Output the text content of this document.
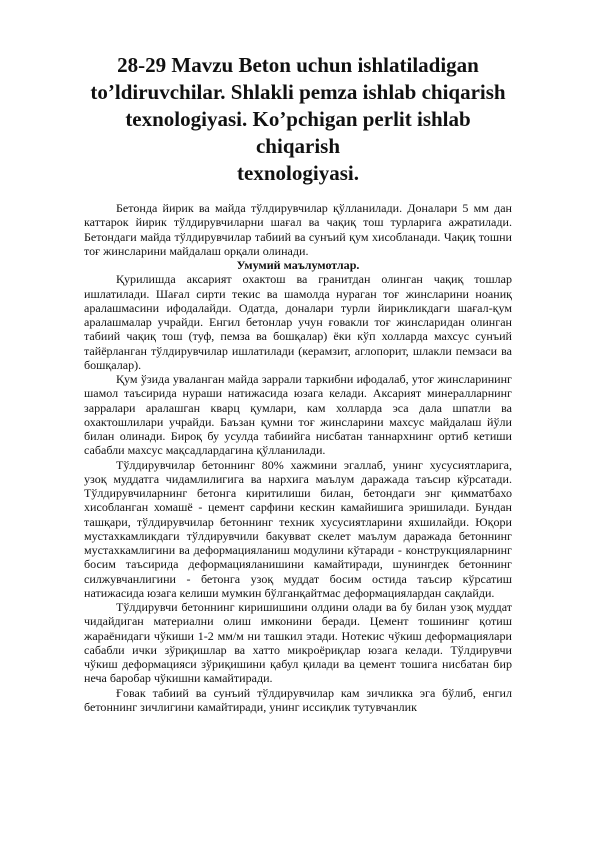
28-29 Mavzu Beton uchun ishlatiladigan
to’ldiruvchilar. Shlakli pemza ishlab chiqarish
texnologiyasi. Ko’pchigan perlit ishlab chiqarish
texnologiyasi.

Бетонда йирик ва майда тўлдирувчилар қўлланилади. Доналари 5 мм дан каттарок йирик тўлдирувчиларни шағал ва чақиқ тош турларига ажратилади. Бетондаги майда тўлдирувчилар табиий ва сунъий қум хисобланади. Чақиқ тошни тоғ жинсларини майдалаш орқали олинади.

Умумий маълумотлар.

Қурилишда аксарият охактош ва гранитдан олинган чақиқ тошлар ишлатилади. Шағал сирти текис ва шамолда нураган тоғ жинсларини ноаниқ аралашмасини ифодалайди. Одатда, доналари турли йирикликдаги шағал-қум аралашмалар учрайди. Енгил бетонлар учун ғовакли тоғ жинсларидан олинган табиий чақиқ тош (туф, пемза ва бошқалар) ёки кўп холларда махсус сунъий тайёрланган тўлдирувчилар ишлатилади (керамзит, аглопорит, шлакли пемзаси ва бошқалар).

Қум ўзида уваланган майда заррали таркибни ифодалаб, утоғ жинсларининг шамол таъсирида нураши натижасида юзага келади. Аксарият минералларнинг зарралари аралашган кварц қумлари, кам холларда эса дала шпатли ва охактошлилари учрайди. Баъзан қумни тоғ жинсларини махсус майдалаш йўли билан олинади. Бироқ бу усулда табиийга нисбатан таннархнинг ортиб кетиши сабабли махсус мақсадлардагина қўлланилади.

Тўлдирувчилар бетоннинг 80% хажмини эгаллаб, унинг хусусиятларига, узоқ муддатга чидамлилигига ва нархига маълум даражада таъсир кўрсатади. Тўлдирувчиларнинг бетонга киритилиши билан, бетондаги энг қимматбахо хисобланган хомашё - цемент сарфини кескин камайишига эришилади. Бундан ташқари, тўлдирувчилар бетоннинг техник хусусиятларини яхшилайди. Юқори мустахкамликдаги тўлдирувчили бакувват скелет маълум даражада бетоннинг мустахкамлигини ва деформацияланиш модулини кўтаради - конструкцияларнинг босим таъсирида деформацияланишини камайтиради, шунингдек бетоннинг силжувчанлигини - бетонга узоқ муддат босим остида таъсир кўрсатиш натижасида юзага келиши мумкин бўлганқайтмас деформациялардан сақлайди.

Тўлдирувчи бетоннинг киришишини олдини олади ва бу билан узоқ муддат чидайдиган материални олиш имконини беради. Цемент тошининг қотиш жараёнидаги чўкиши 1-2 мм/м ни ташкил этади. Нотекис чўкиш деформациялари сабабли ички зўриқишлар ва хатто микроёриқлар юзага келади. Тўлдирувчи чўкиш деформацияси зўриқишини қабул қилади ва цемент тошига нисбатан бир неча баробар чўкишни камайтиради.

Ғовак табиий ва сунъий тўлдирувчилар кам зичликка эга бўлиб, енгил бетоннинг зичлигини камайтиради, унинг иссиқлик тутувчанлик
